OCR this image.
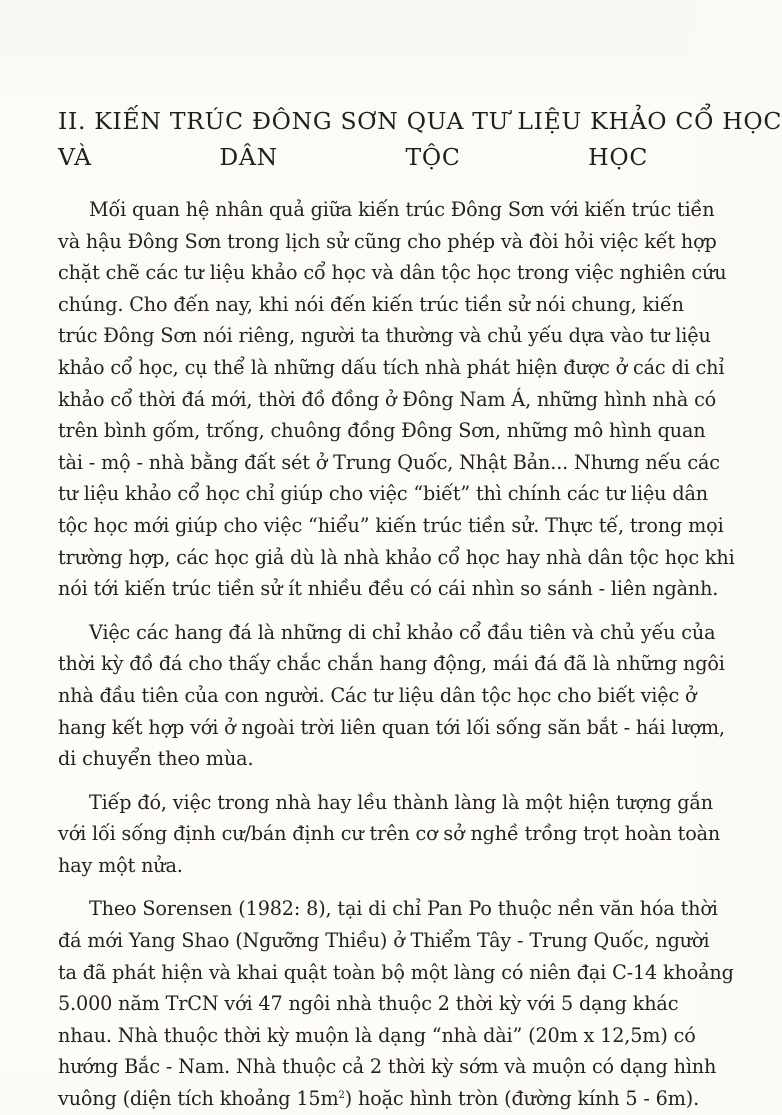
II. KIẾN TRÚC ĐÔNG SƠN QUA TƯ LIỆU KHẢO CỔ HỌC
VÀ DÂN TỘC HỌC

Mối quan hệ nhân quả giữa kiến trúc Đông Sơn với kiến trúc tiền
và hậu Đông Sơn trong lịch sử cũng cho phép và đòi hỏi việc kết hợp
chặt chẽ các tư liệu khảo cổ học và dân tộc học trong việc nghiên cứu
chúng. Cho đến nay, khi nói đến kiến trúc tiền sử nói chung, kiến
trúc Đông Sơn nói riêng, người ta thường và chủ yếu dựa vào tư liệu
khảo cổ học, cụ thể là những dấu tích nhà phát hiện được ở các di chỉ
khảo cổ thời đá mới, thời đồ đồng ở Đông Nam Á, những hình nhà có
trên bình gốm, trống, chuông đồng Đông Sơn, những mô hình quan
tài - mộ - nhà bằng đất sét ở Trung Quốc, Nhật Bản... Nhưng nếu các
tư liệu khảo cổ học chỉ giúp cho việc “biết” thì chính các tư liệu dân
tộc học mới giúp cho việc “hiểu” kiến trúc tiền sử. Thực tế, trong mọi
trường hợp, các học giả dù là nhà khảo cổ học hay nhà dân tộc học khi
nói tới kiến trúc tiền sử ít nhiều đều có cái nhìn so sánh - liên ngành.

Việc các hang đá là những di chỉ khảo cổ đầu tiên và chủ yếu của
thời kỳ đồ đá cho thấy chắc chắn hang động, mái đá đã là những ngôi
nhà đầu tiên của con người. Các tư liệu dân tộc học cho biết việc ở
hang kết hợp với ở ngoài trời liên quan tới lối sống săn bắt - hái lượm,
di chuyển theo mùa.

Tiếp đó, việc trong nhà hay lều thành làng là một hiện tượng gắn
với lối sống định cư/bán định cư trên cơ sở nghề trồng trọt hoàn toàn
hay một nửa.

Theo Sorensen (1982: 8), tại di chỉ Pan Po thuộc nền văn hóa thời
đá mới Yang Shao (Ngưỡng Thiều) ở Thiểm Tây - Trung Quốc, người
ta đã phát hiện và khai quật toàn bộ một làng có niên đại C-14 khoảng
5.000 năm TrCN với 47 ngôi nhà thuộc 2 thời kỳ với 5 dạng khác
nhau. Nhà thuộc thời kỳ muộn là dạng “nhà dài” (20m x 12,5m) có
hướng Bắc - Nam. Nhà thuộc cả 2 thời kỳ sớm và muộn có dạng hình
vuông (diện tích khoảng $15m^2$) hoặc hình tròn (đường kính 5 - 6m).
